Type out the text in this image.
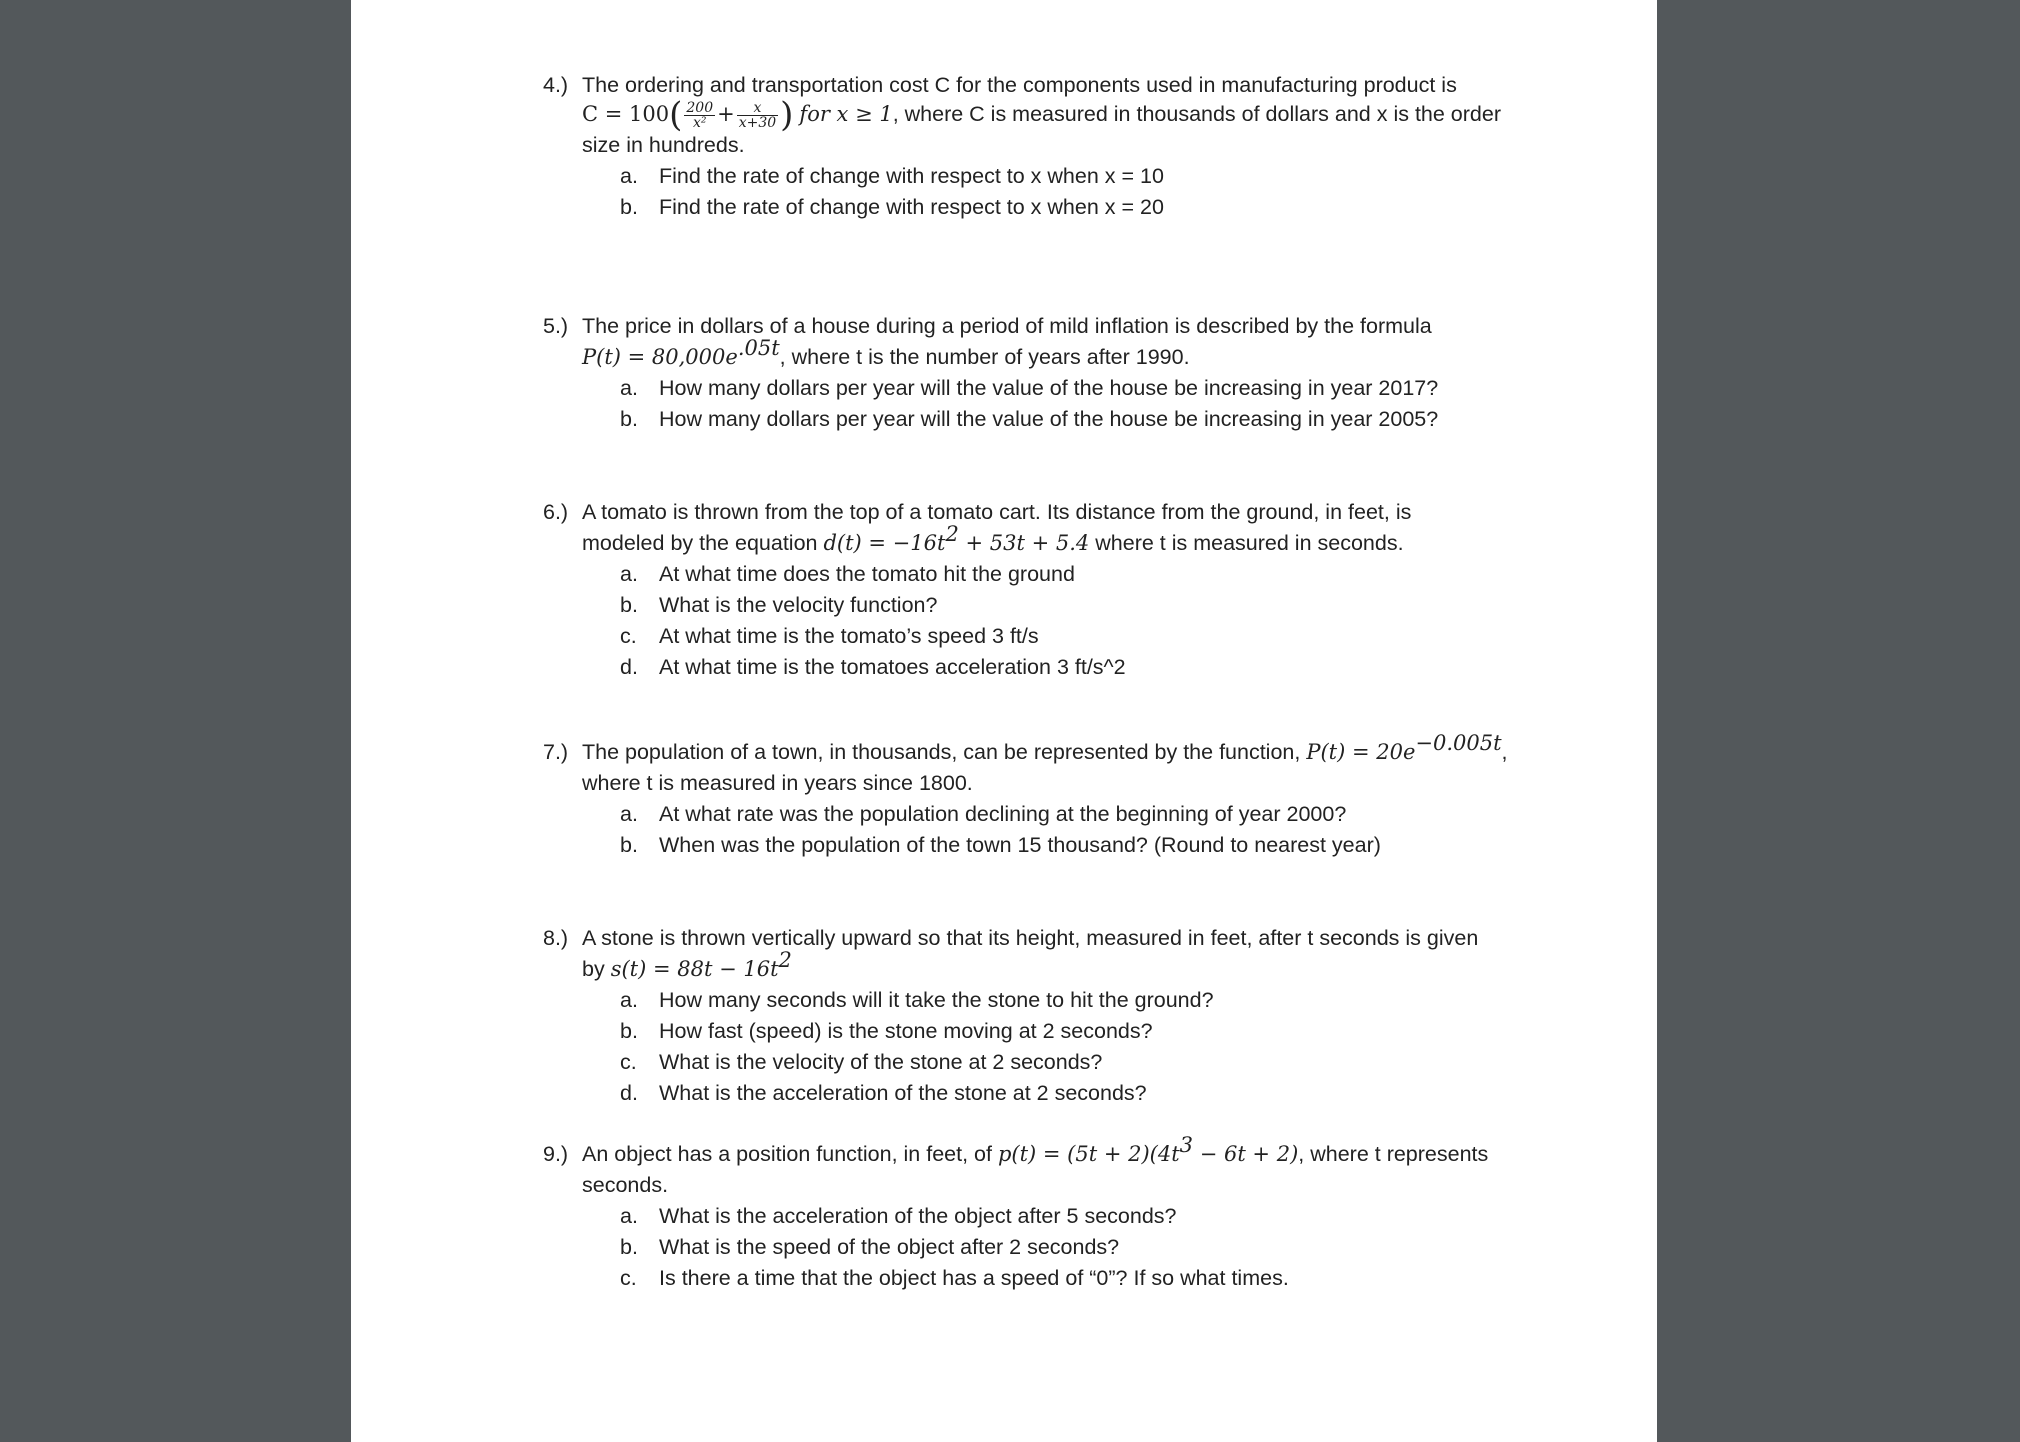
4.) The ordering and transportation cost C for the components used in manufacturing product is
$C = 100( \frac{200}{\text{x²}} + \frac{x}{x+30}$ ) for x ≥ 1, where C is measured in thousands of dollars and x is the order
size in hundreds.
a. Find the rate of change with respect to x when x = 10
b. Find the rate of change with respect to x when x = 20
5.) The price in dollars of a house during a period of mild inflation is described by the formula
$P(t) = 80,000e^{.05t}$, where t is the number of years after 1990.
a. How many dollars per year will the value of the house be increasing in year 2017?
b. How many dollars per year will the value of the house be increasing in year 2005?
6.) A tomato is thrown from the top of a tomato cart. Its distance from the ground, in feet, is
modeled by the equation $d(t) = -16t^2 + 53t + 5.4$ where t is measured in seconds.
a. At what time does the tomato hit the ground
b. What is the velocity function?
c. At what time is the tomato’s speed 3 ft/s
d. At what time is the tomatoes acceleration 3 ft/s^2
7.) The population of a town, in thousands, can be represented by the function, $P(t) = 20e^{-0.005t}$,
where t is measured in years since 1800.
a. At what rate was the population declining at the beginning of year 2000?
b. When was the population of the town 15 thousand? (Round to nearest year)
8.) A stone is thrown vertically upward so that its height, measured in feet, after t seconds is given
by $s(t) = 88t - 16t^2$
a. How many seconds will it take the stone to hit the ground?
b. How fast (speed) is the stone moving at 2 seconds?
c. What is the velocity of the stone at 2 seconds?
d. What is the acceleration of the stone at 2 seconds?
9.) An object has a position function, in feet, of $p(t) = (5t + 2)(4t^3 - 6t + 2)$, where t represents
seconds.
a. What is the acceleration of the object after 5 seconds?
b. What is the speed of the object after 2 seconds?
c. Is there a time that the object has a speed of “0”? If so what times.
